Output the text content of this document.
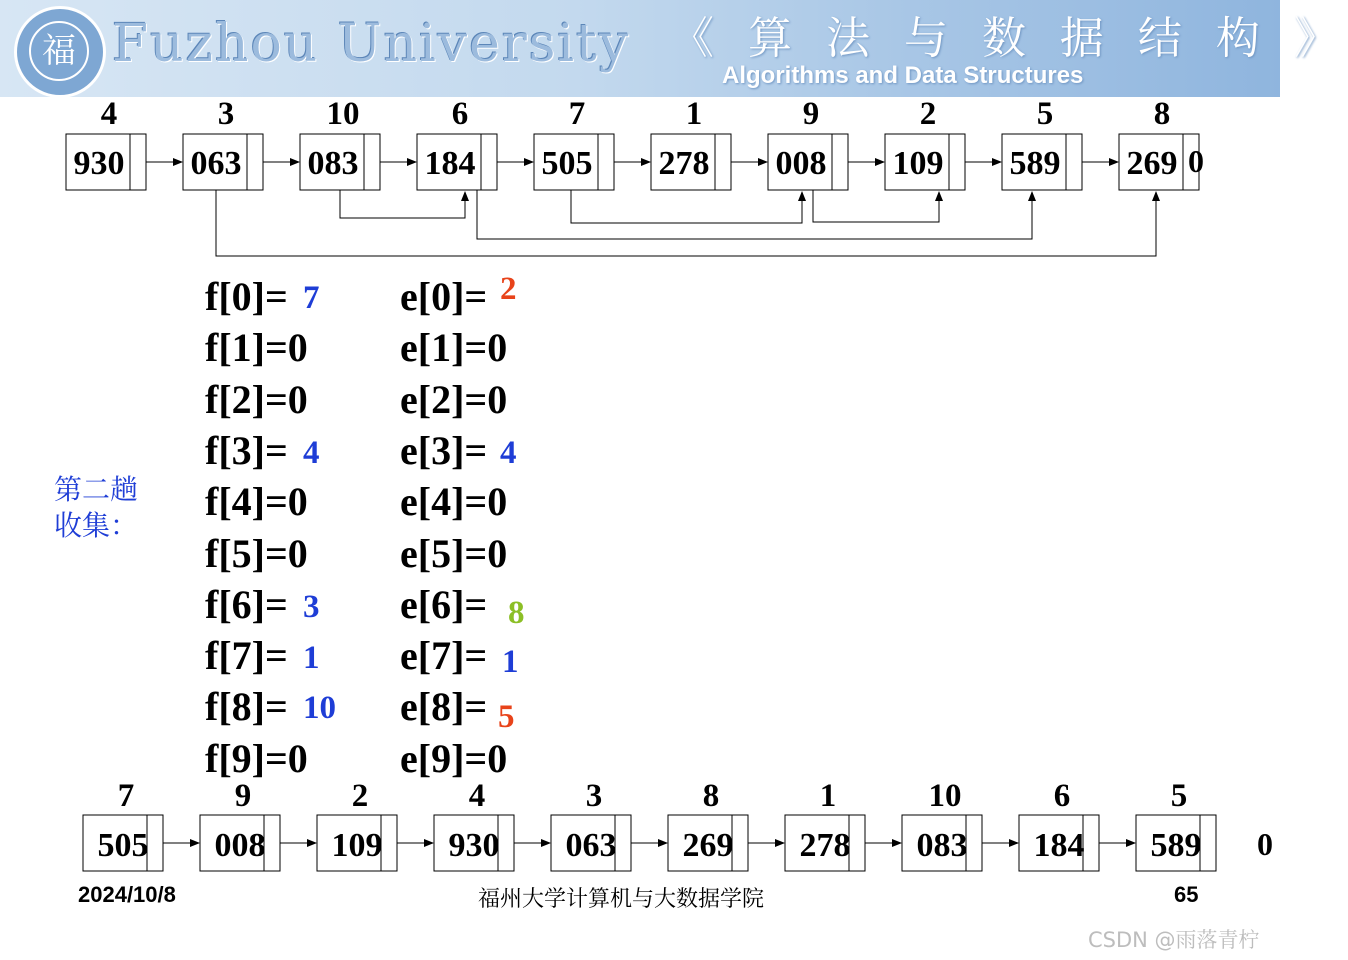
福 Fuzhou University 《 算 法 与 数 据 结 构 》
Algorithms and Data Structures
4
930
3
063
10
083
6
184
7
505
1
278
9
008
2
109
5
589
8
269 0
7
505
9
008
2
109
4
930
3
063
8
269
1
278
10
083
6
184
5
589 0
f[0]= 7
f[1]=0
f[2]=0
f[3]= 4
f[4]=0
f[5]=0
f[6]= 3
f[7]= 1
f[8]= 10
f[9]=0
e[0]= 2
e[1]=0
e[2]=0
e[3]= 4
e[4]=0
e[5]=0
e[6]= 8
e[7]= 1
e[8]= 5
e[9]=0
第二趟
收集：
2024/10/8	福州大学计算机与大数据学院	65
CSDN @雨落青柠
